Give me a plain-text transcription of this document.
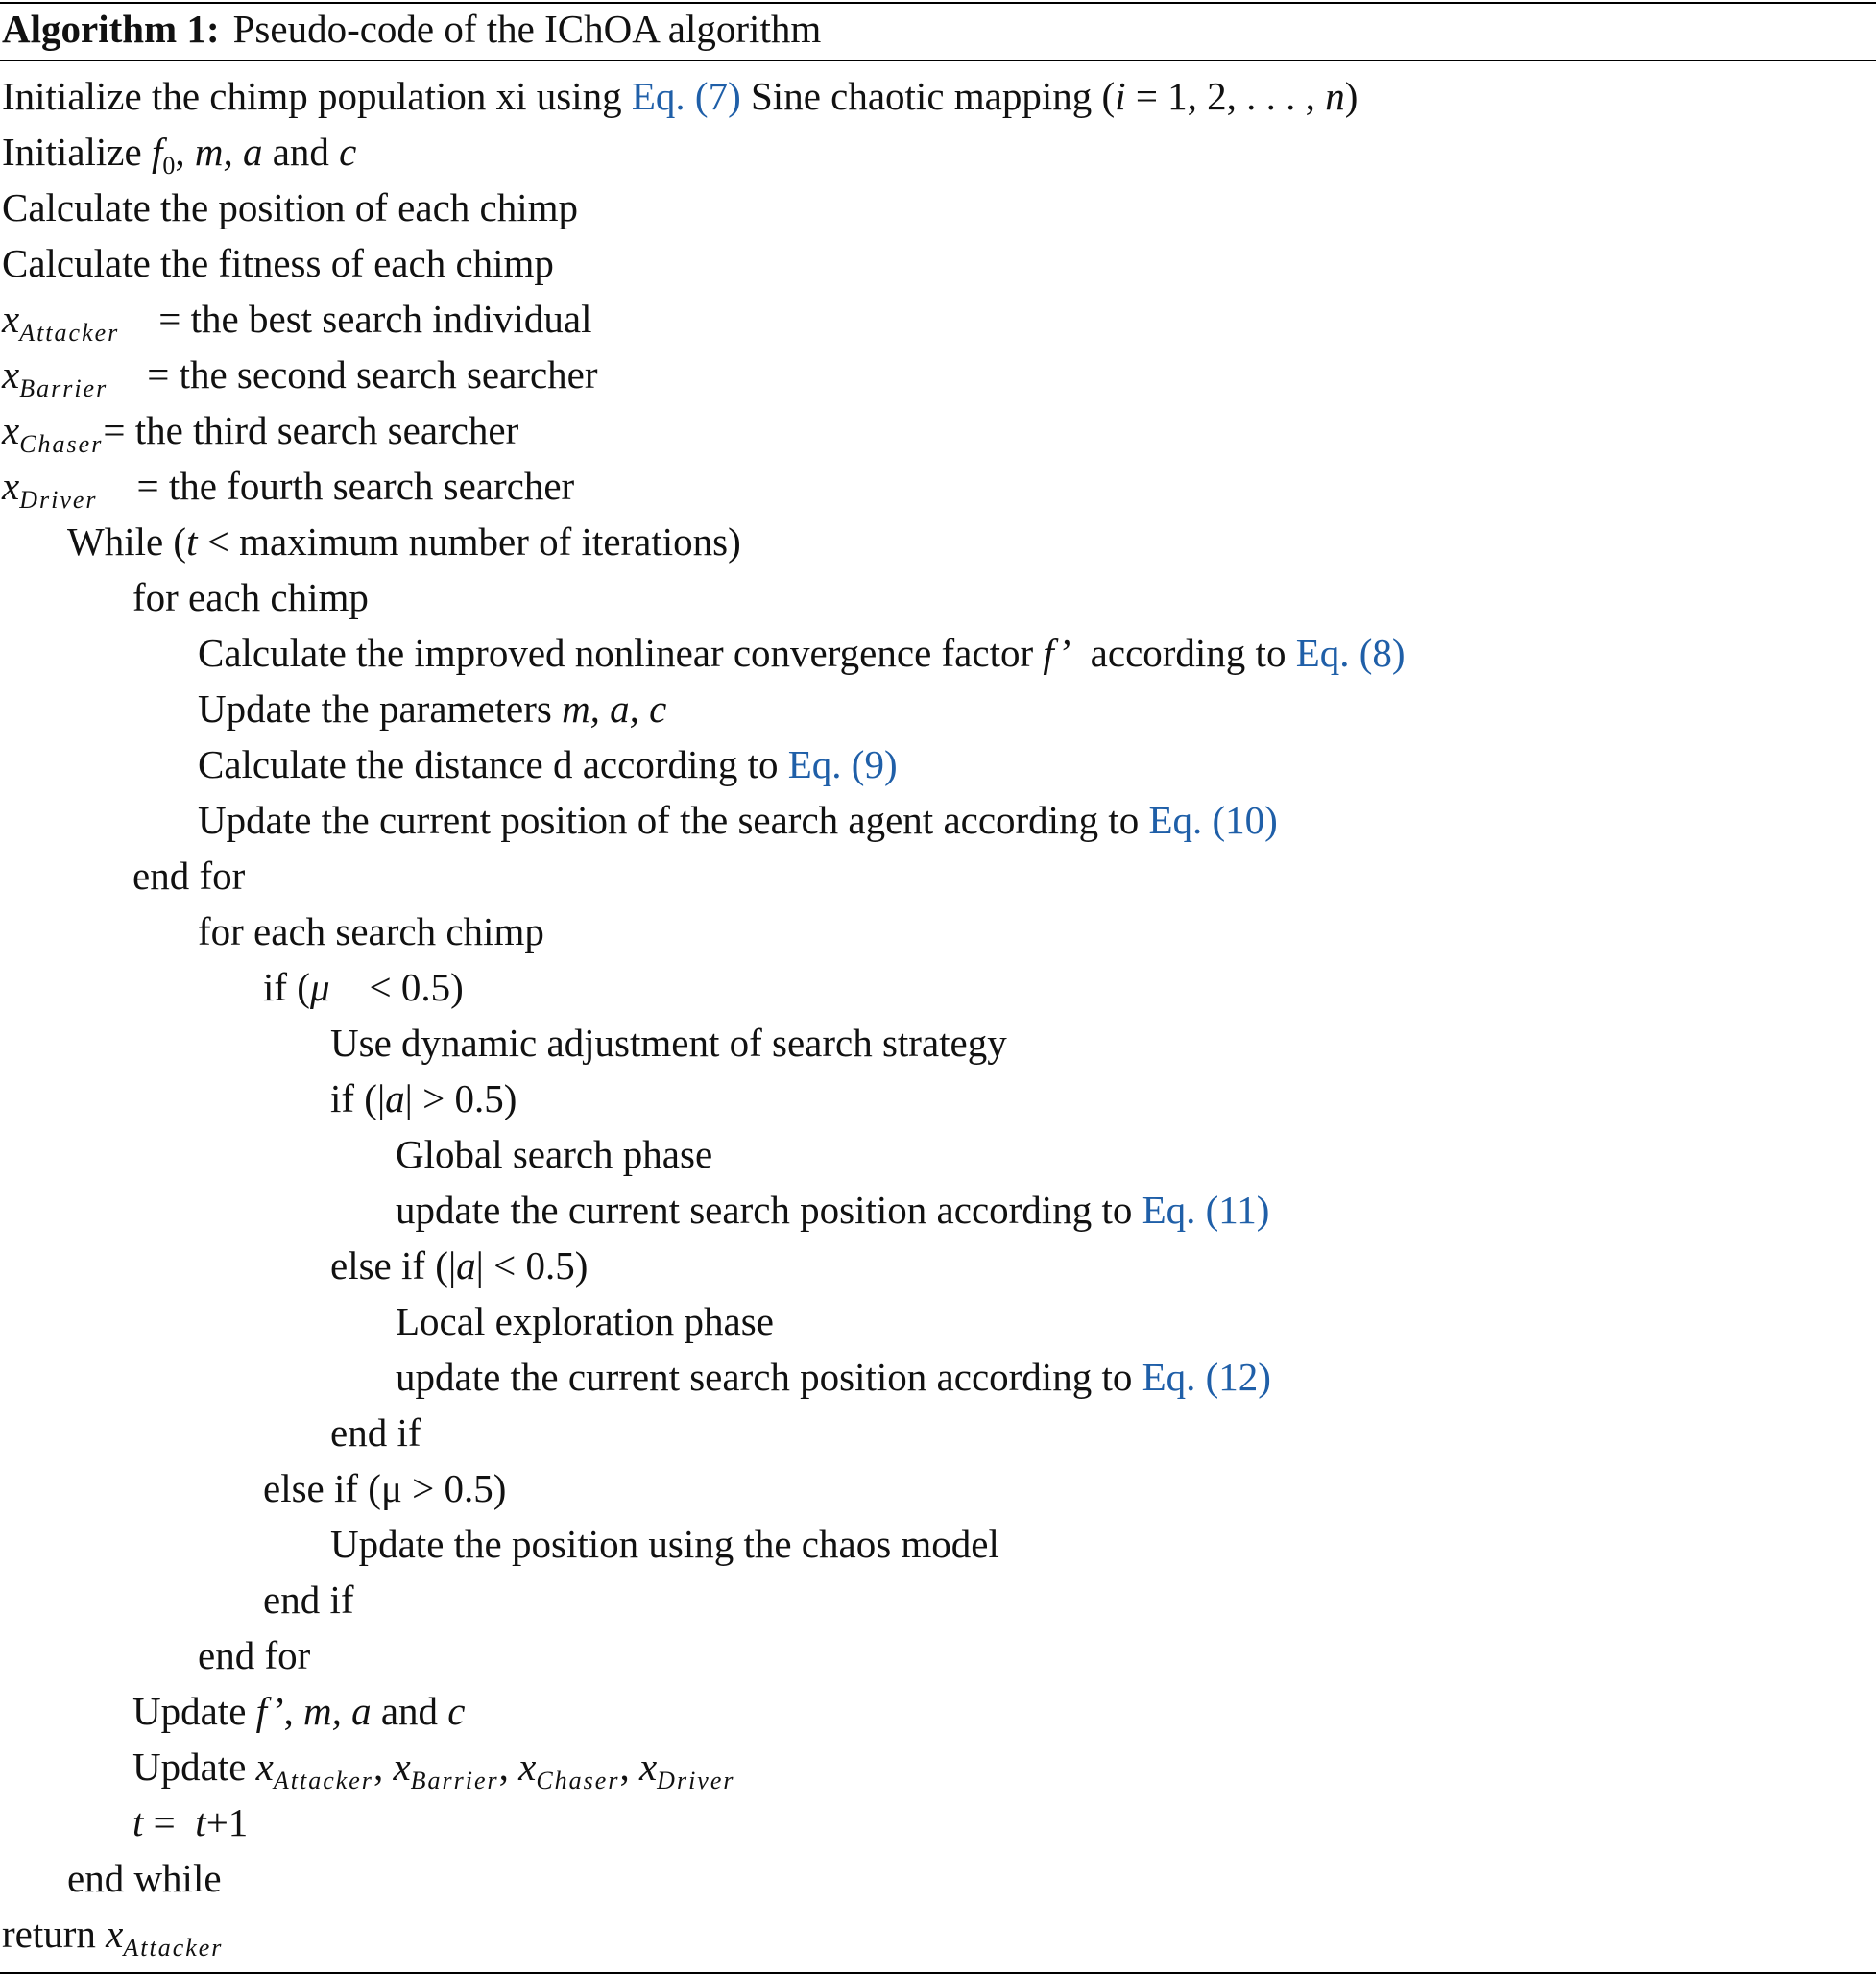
Algorithm 1: Pseudo-code of the IChOA algorithm
Initialize the chimp population xi using Eq. (7) Sine chaotic mapping (i = 1, 2, . . . , n)
Initialize $f_0$, m, a and c
Calculate the position of each chimp
Calculate the fitness of each chimp
$x_{Attacker}$    = the best search individual
$x_{Barrier}$    = the second search searcher
$x_{Chaser}=$ the third search searcher
$x_{Driver}$    = the fourth search searcher
While (t < maximum number of iterations)
for each chimp
Calculate the improved nonlinear convergence factor f’  according to Eq. (8)
Update the parameters m, a, c
Calculate the distance d according to Eq. (9)
Update the current position of the search agent according to Eq. (10)
end for
for each search chimp
if (μ    < 0.5)
Use dynamic adjustment of search strategy
if (|a| > 0.5)
Global search phase
update the current search position according to Eq. (11)
else if (|a| < 0.5)
Local exploration phase
update the current search position according to Eq. (12)
end if
else if (μ > 0.5)
Update the position using the chaos model
end if
end for
Update f’, m, a and c
Update $x_{Attacker}$, $x_{Barrier}$, $x_{Chaser}$, $x_{Driver}$
t =  t+1
end while
return $x_{Attacker}$
